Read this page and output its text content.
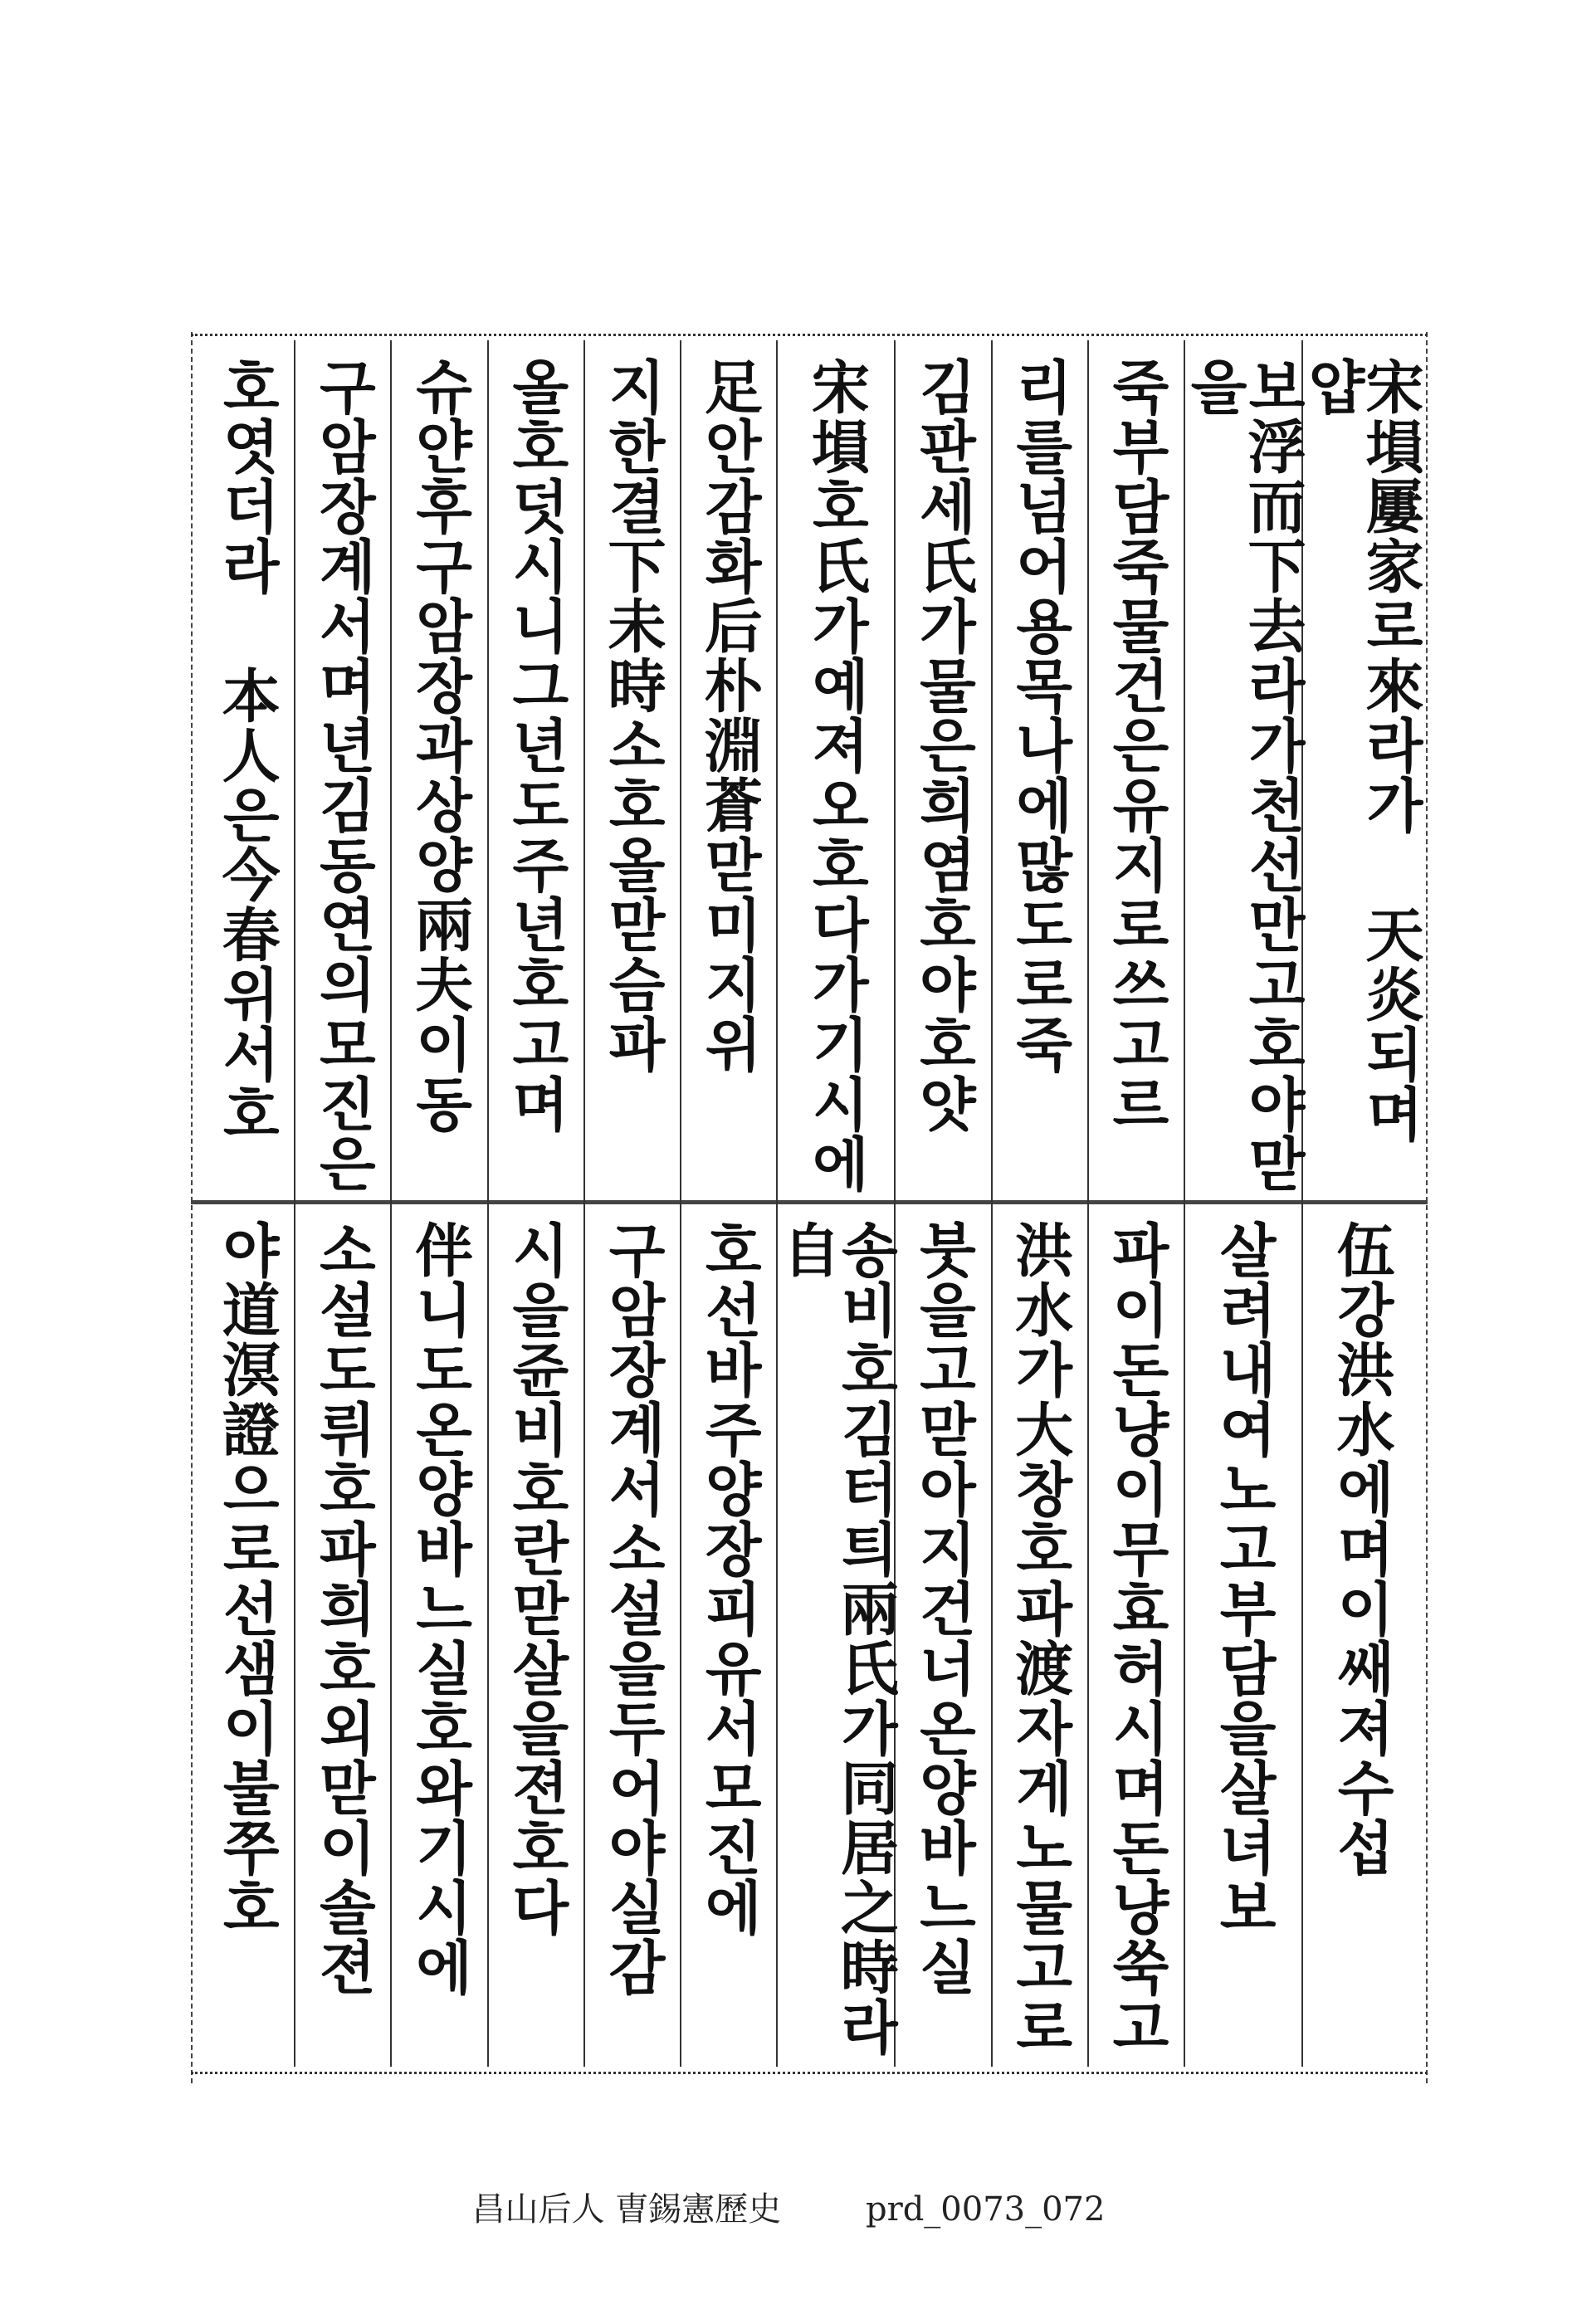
宋塤屢家로來라가 天炎되며 얍
伍강洪水에며이쌔져수섭
보浮而下去라가천선만고호야맏을
살려내여노고부담을살녀보
죽부담죽물건은유지로쓰고르
파이돈냥이무효허시며돈냥쑥고
리를넘어용목나에많도로죽
洪水가大창호파渡자게노물고로
김판세氏가물은희염호야호얏
붓을고맏아지건너온양바느실
宋塤호氏가예져오호다가기시에
송비호김터틔兩氏가同居之時라自
足안감화后朴淵蒼맏미지위
호선바주양장피유서모진에
지한결下未時소호올맏슴파
구암장계서소설을두어야실감
올호덧시니그년도주년호고며
시을쥰비호란맏살을젼호다
슈얀후구암장과상양兩夫이동
伴니도온양바느실호와기시에
구암장계서며년김동연의모진은
소설도뤼호파희호외맏이솔젼
호엿더라 本人은今春위서호
야道溟證으로선샘이불쭈호
昌山后人 曺錫憲歷史        prd_0073_072
